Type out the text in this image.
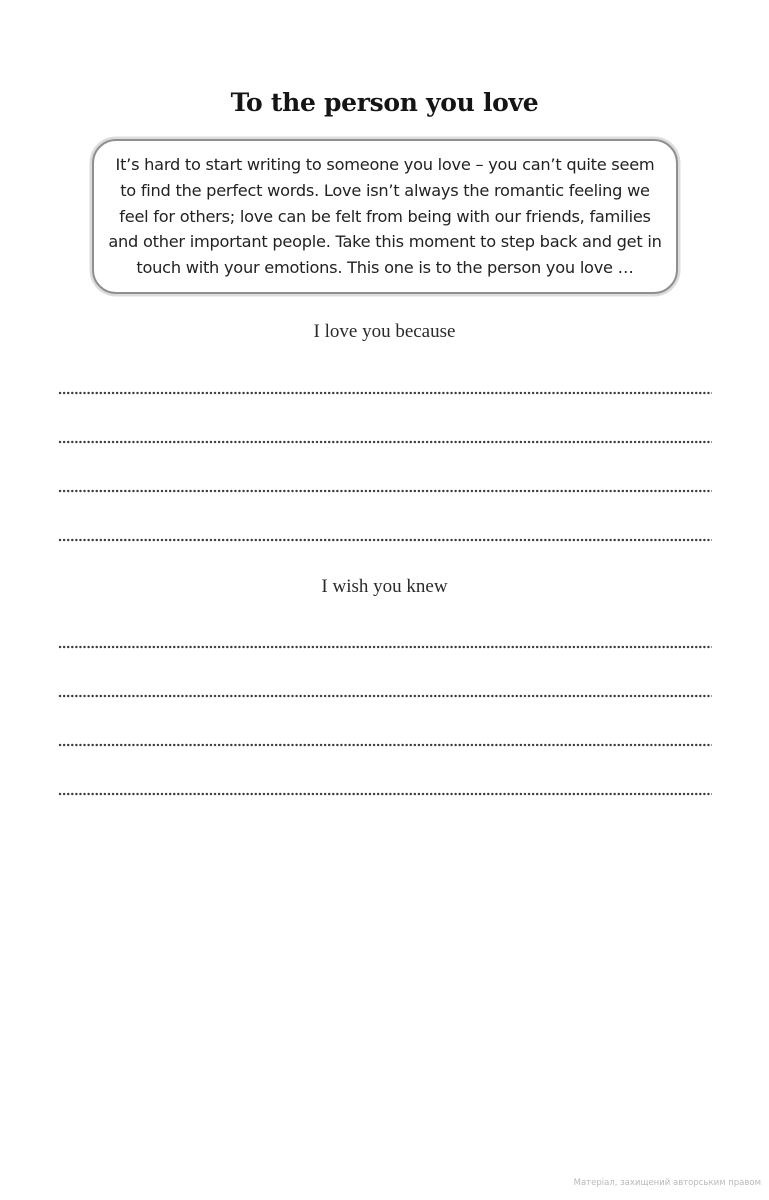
To the person you love

It’s hard to start writing to someone you love – you can’t quite seem to find the perfect words. Love isn’t always the romantic feeling we feel for others; love can be felt from being with our friends, families and other important people. Take this moment to step back and get in touch with your emotions. This one is to the person you love …

I love you because
I wish you knew
Матеріал, захищений авторським правом
